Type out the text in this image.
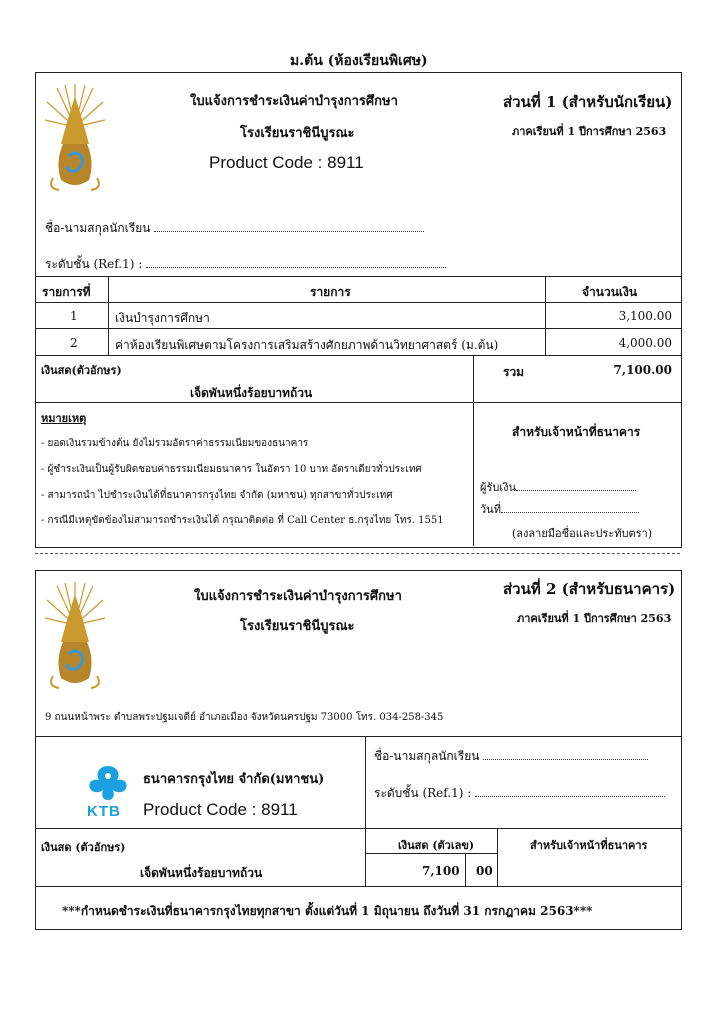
ม.ต้น (ห้องเรียนพิเศษ)
ใบแจ้งการชำระเงินค่าบำรุงการศึกษา
โรงเรียนราชินีบูรณะ
Product Code : 8911
ส่วนที่ 1 (สำหรับนักเรียน)
ภาคเรียนที่ 1 ปีการศึกษา 2563
ชื่อ-นามสกุลนักเรียน
ระดับชั้น (Ref.1) :
รายการที่	รายการ	จำนวนเงิน
1	เงินบำรุงการศึกษา	3,100.00
2	ค่าห้องเรียนพิเศษตามโครงการเสริมสร้างศักยภาพด้านวิทยาศาสตร์ (ม.ต้น)	4,000.00
เงินสด(ตัวอักษร)
เจ็ดพันหนึ่งร้อยบาทถ้วน
รวม	7,100.00
หมายเหตุ
- ยอดเงินรวมข้างต้น ยังไม่รวมอัตราค่าธรรมเนียมของธนาคาร
- ผู้ชำระเงินเป็นผู้รับผิดชอบค่าธรรมเนียมธนาคาร ในอัตรา 10 บาท อัตราเดียวทั่วประเทศ
- สามารถนำ ไปชำระเงินได้ที่ธนาคารกรุงไทย จำกัด (มหาชน) ทุกสาขาทั่วประเทศ
- กรณีมีเหตุขัดข้องไม่สามารถชำระเงินได้ กรุณาติดต่อ ที่ Call Center ธ.กรุงไทย โทร. 1551
สำหรับเจ้าหน้าที่ธนาคาร
ผู้รับเงิน
วันที่
(ลงลายมือชื่อและประทับตรา)
ใบแจ้งการชำระเงินค่าบำรุงการศึกษา
โรงเรียนราชินีบูรณะ
ส่วนที่ 2 (สำหรับธนาคาร)
ภาคเรียนที่ 1 ปีการศึกษา 2563
9 ถนนหน้าพระ ตำบลพระปฐมเจดีย์ อำเภอเมือง จังหวัดนครปฐม 73000 โทร. 034-258-345
KTB
ธนาคารกรุงไทย จำกัด(มหาชน)
Product Code : 8911
ชื่อ-นามสกุลนักเรียน
ระดับชั้น (Ref.1) :
เงินสด (ตัวอักษร)
เจ็ดพันหนึ่งร้อยบาทถ้วน
เงินสด (ตัวเลข)
7,100 00
สำหรับเจ้าหน้าที่ธนาคาร
***กำหนดชำระเงินที่ธนาคารกรุงไทยทุกสาขา ตั้งแต่วันที่ 1 มิถุนายน ถึงวันที่ 31 กรกฎาคม 2563***
